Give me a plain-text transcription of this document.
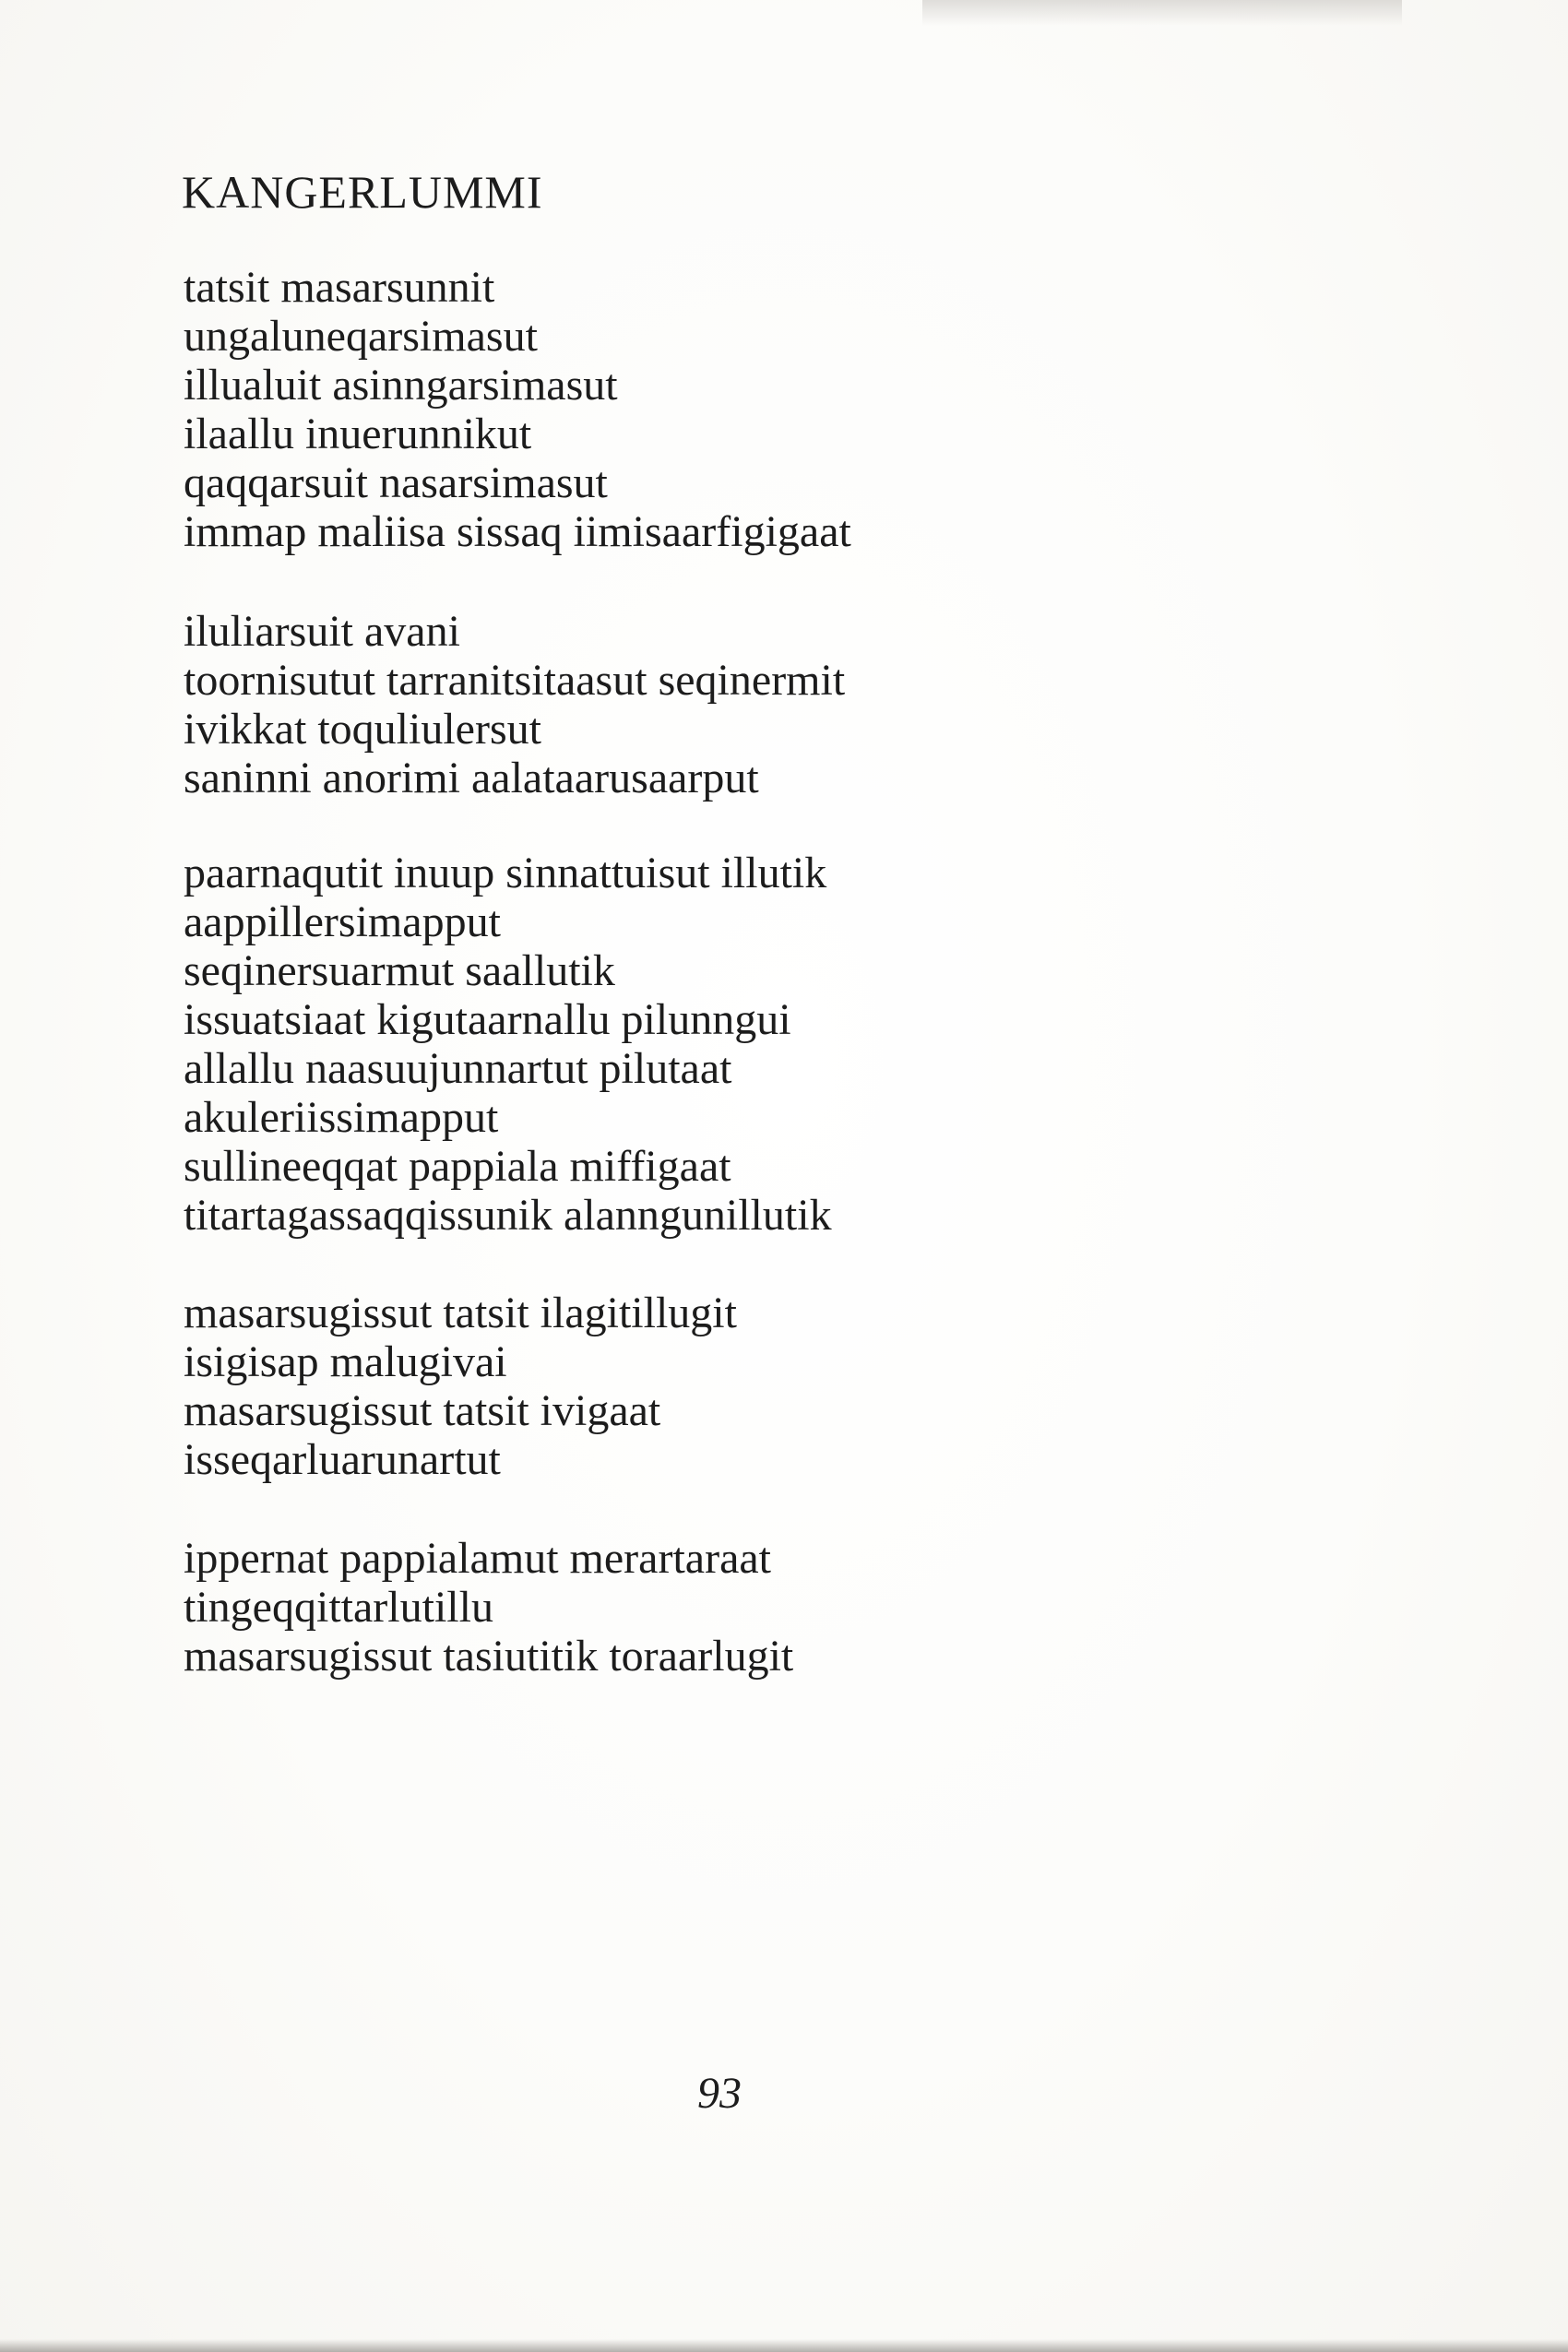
KANGERLUMMI
tatsit masarsunnit
ungaluneqarsimasut
illualuit asinngarsimasut
ilaallu inuerunnikut
qaqqarsuit nasarsimasut
immap maliisa sissaq iimisaarfigigaat
iluliarsuit avani
toornisutut tarranitsitaasut seqinermit
ivikkat toquliulersut
saninni anorimi aalataarusaarput
paarnaqutit inuup sinnattuisut illutik
aappillersimapput
seqinersuarmut saallutik
issuatsiaat kigutaarnallu pilunngui
allallu naasuujunnartut pilutaat
akuleriissimapput
sullineeqqat pappiala miffigaat
titartagassaqqissunik alanngunillutik
masarsugissut tatsit ilagitillugit
isigisap malugivai
masarsugissut tatsit ivigaat
isseqarluarunartut
ippernat pappialamut merartaraat
tingeqqittarlutillu
masarsugissut tasiutitik toraarlugit
93
